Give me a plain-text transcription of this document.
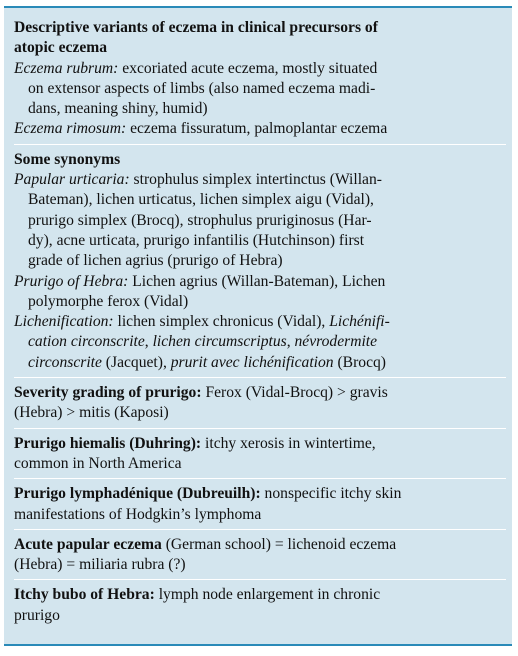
Descriptive variants of eczema in clinical precursors of
atopic eczema
Eczema rubrum: excoriated acute eczema, mostly situated
on extensor aspects of limbs (also named eczema madi-
dans, meaning shiny, humid)
Eczema rimosum: eczema fissuratum, palmoplantar eczema
Some synonyms
Papular urticaria: strophulus simplex intertinctus (Willan-
Bateman), lichen urticatus, lichen simplex aigu (Vidal),
prurigo simplex (Brocq), strophulus pruriginosus (Har-
dy), acne urticata, prurigo infantilis (Hutchinson) first
grade of lichen agrius (prurigo of Hebra)
Prurigo of Hebra: Lichen agrius (Willan-Bateman), Lichen
polymorphe ferox (Vidal)
Lichenification: lichen simplex chronicus (Vidal), Lichénifi-
cation circonscrite, lichen circumscriptus, névrodermite
circonscrite (Jacquet), prurit avec lichénification (Brocq)
Severity grading of prurigo: Ferox (Vidal-Brocq) > gravis
(Hebra) > mitis (Kaposi)
Prurigo hiemalis (Duhring): itchy xerosis in wintertime,
common in North America
Prurigo lymphadénique (Dubreuilh): nonspecific itchy skin
manifestations of Hodgkin’s lymphoma
Acute papular eczema (German school) = lichenoid eczema
(Hebra) = miliaria rubra (?)
Itchy bubo of Hebra: lymph node enlargement in chronic
prurigo
